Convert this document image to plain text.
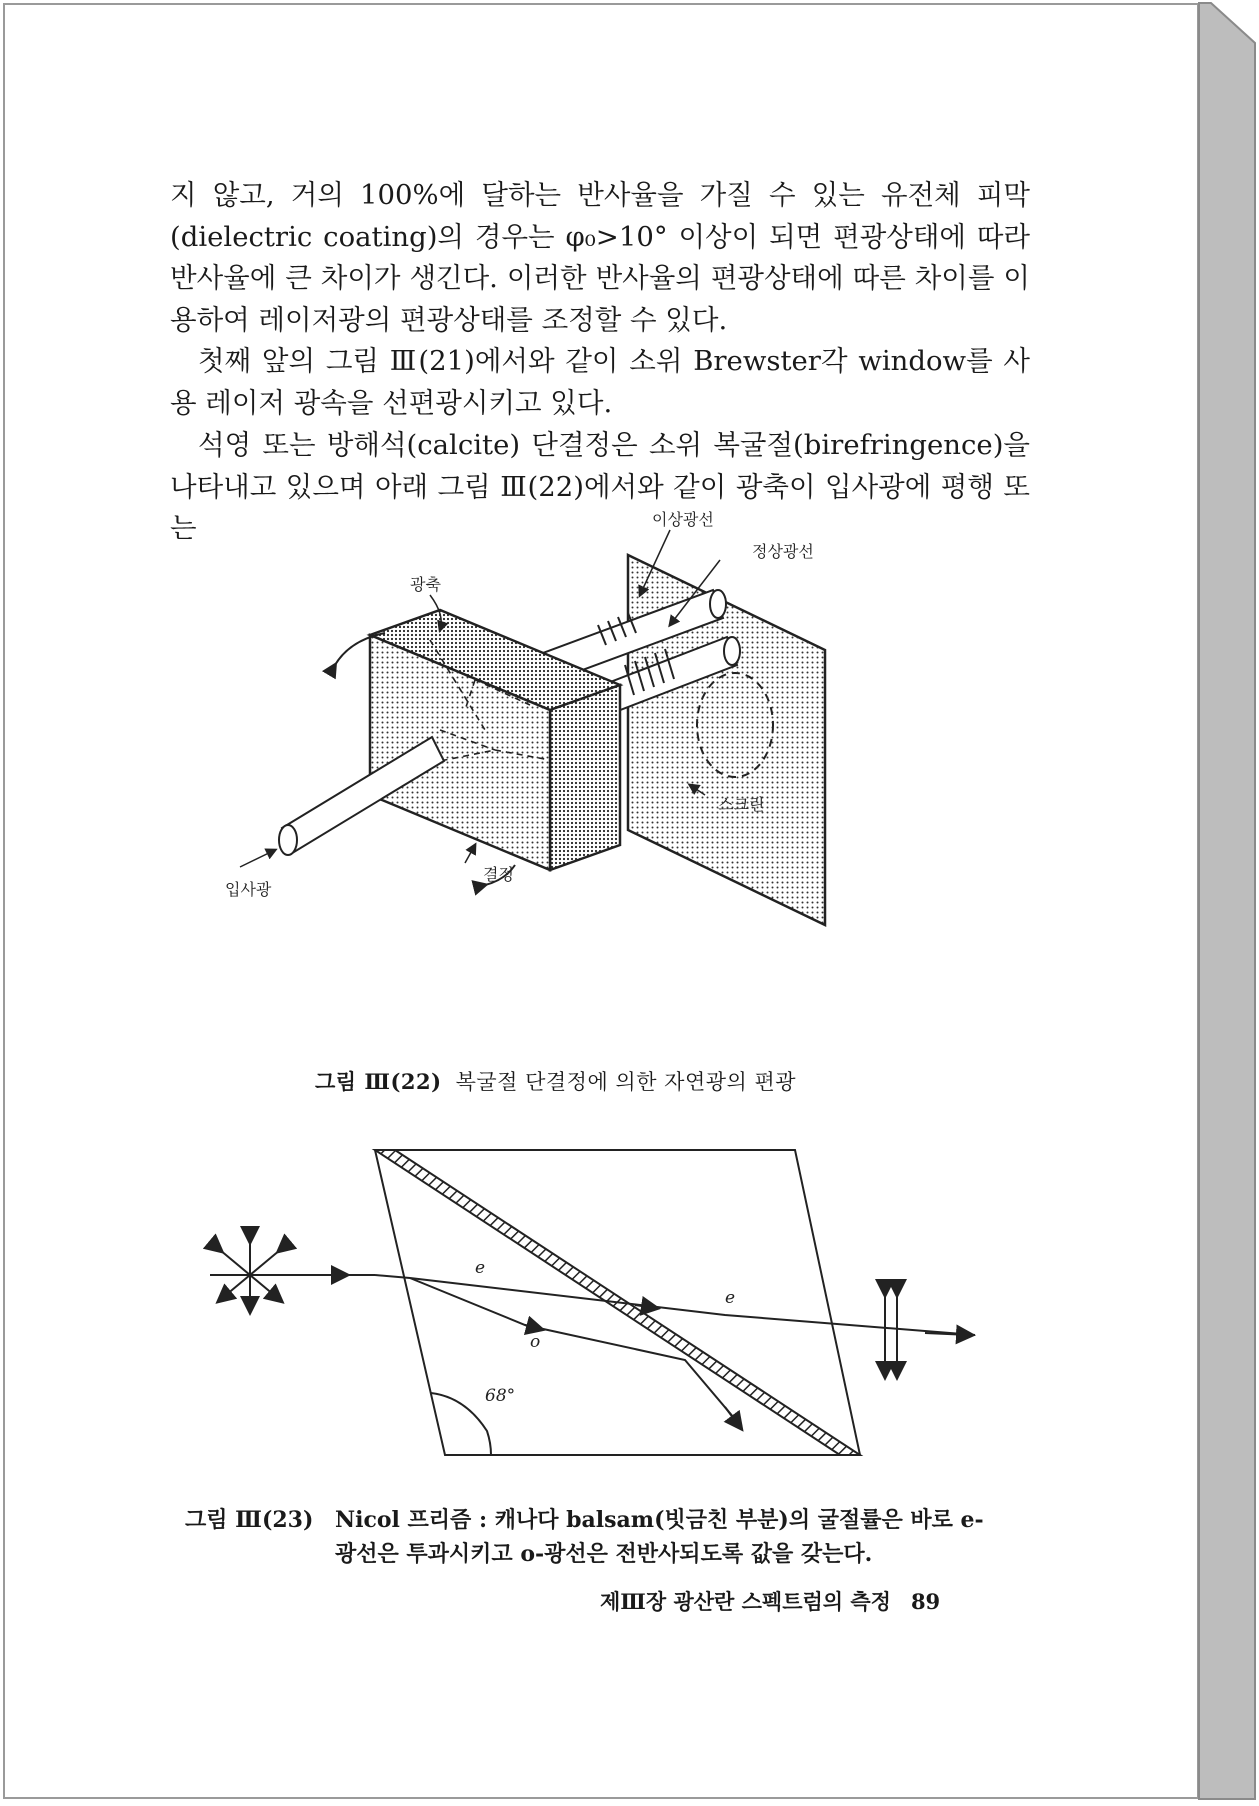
지 않고, 거의 100%에 달하는 반사율을 가질 수 있는 유전체 피막(dielectric coating)의 경우는 φ₀>10° 이상이 되면 편광상태에 따라 반사율에 큰 차이가 생긴다. 이러한 반사율의 편광상태에 따른 차이를 이용하여 레이저광의 편광상태를 조정할 수 있다.

첫째 앞의 그림 Ⅲ(21)에서와 같이 소위 Brewster각 window를 사용 레이저 광속을 선편광시키고 있다.

석영 또는 방해석(calcite) 단결정은 소위 복굴절(birefringence)을 나타내고 있으며 아래 그림 Ⅲ(22)에서와 같이 광축이 입사광에 평행 또는	이상광선
정상광선
광축
스크린
결정
입사광

그림 Ⅲ(22) 복굴절 단결정에 의한 자연광의 편광

e
e
o
68°

그림 Ⅲ(23) Nicol 프리즘 : 캐나다 balsam(빗금친 부분)의 굴절률은 바로 e-
광선은 투과시키고 o-광선은 전반사되도록 값을 갖는다.

제Ⅲ장 광산란 스펙트럼의 측정 89
